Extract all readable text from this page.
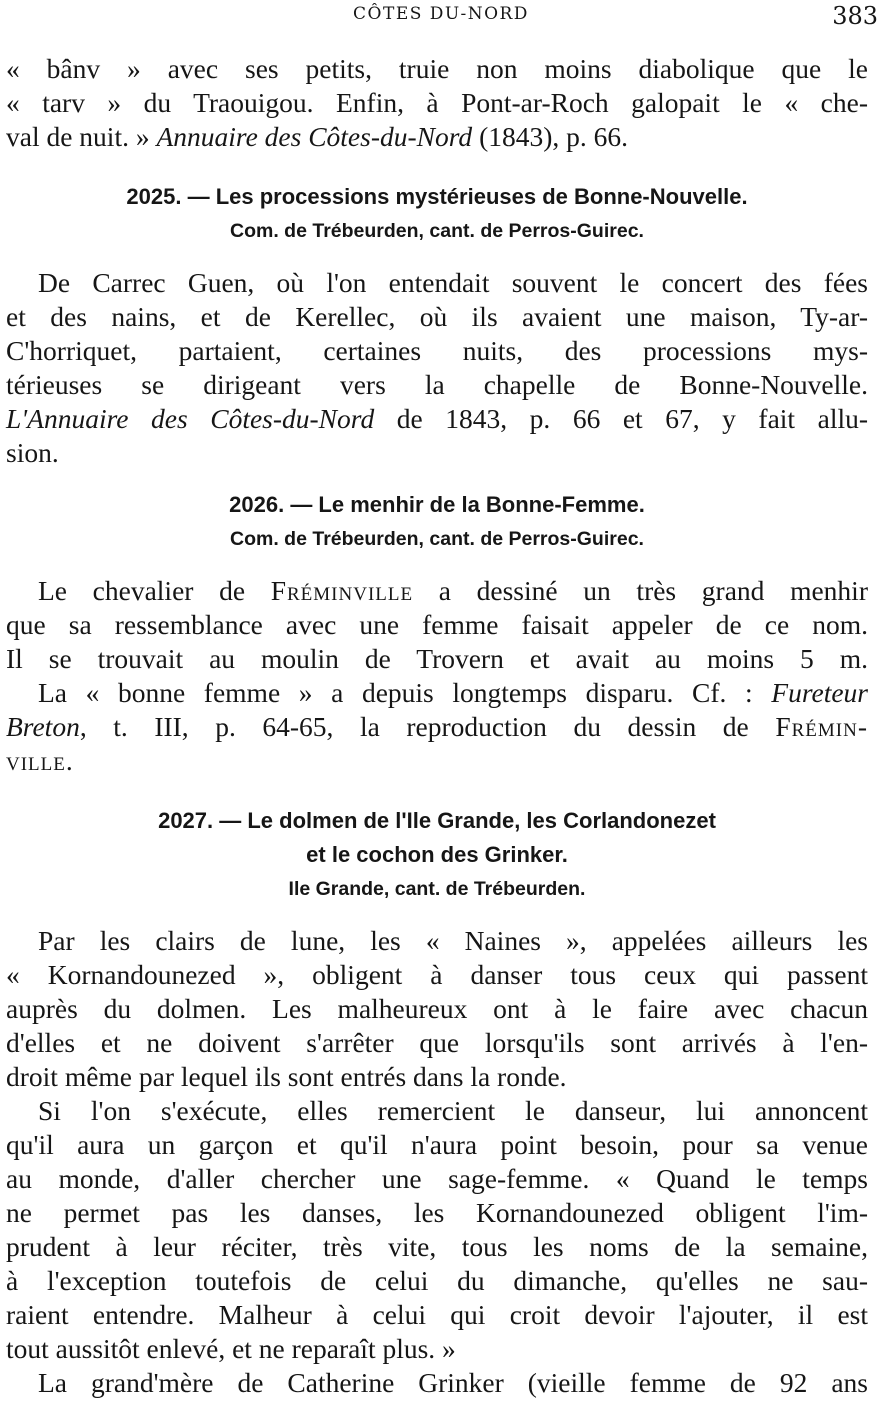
CÔTES DU-NORD	383
« bânv » avec ses petits, truie non moins diabolique que le
« tarv » du Traouigou. Enfin, à Pont-ar-Roch galopait le « che-
val de nuit. » Annuaire des Côtes-du-Nord (1843), p. 66.
2025. — Les processions mystérieuses de Bonne-Nouvelle.
Com. de Trébeurden, cant. de Perros-Guirec.
De Carrec Guen, où l'on entendait souvent le concert des fées
et des nains, et de Kerellec, où ils avaient une maison, Ty-ar-
C'horriquet, partaient, certaines nuits, des processions mys-
térieuses se dirigeant vers la chapelle de Bonne-Nouvelle.
L'Annuaire des Côtes-du-Nord de 1843, p. 66 et 67, y fait allu-
sion.
2026. — Le menhir de la Bonne-Femme.
Com. de Trébeurden, cant. de Perros-Guirec.
Le chevalier de Fréminville a dessiné un très grand menhir
que sa ressemblance avec une femme faisait appeler de ce nom.
Il se trouvait au moulin de Trovern et avait au moins 5 m.
La « bonne femme » a depuis longtemps disparu. Cf. : Fureteur
Breton, t. III, p. 64-65, la reproduction du dessin de Frémin-
ville.
2027. — Le dolmen de l'Ile Grande, les Corlandonezet
et le cochon des Grinker.
Ile Grande, cant. de Trébeurden.
Par les clairs de lune, les « Naines », appelées ailleurs les
« Kornandounezed », obligent à danser tous ceux qui passent
auprès du dolmen. Les malheureux ont à le faire avec chacun
d'elles et ne doivent s'arrêter que lorsqu'ils sont arrivés à l'en-
droit même par lequel ils sont entrés dans la ronde.
Si l'on s'exécute, elles remercient le danseur, lui annoncent
qu'il aura un garçon et qu'il n'aura point besoin, pour sa venue
au monde, d'aller chercher une sage-femme. « Quand le temps
ne permet pas les danses, les Kornandounezed obligent l'im-
prudent à leur réciter, très vite, tous les noms de la semaine,
à l'exception toutefois de celui du dimanche, qu'elles ne sau-
raient entendre. Malheur à celui qui croit devoir l'ajouter, il est
tout aussitôt enlevé, et ne reparaît plus. »
La grand'mère de Catherine Grinker (vieille femme de 92 ans
